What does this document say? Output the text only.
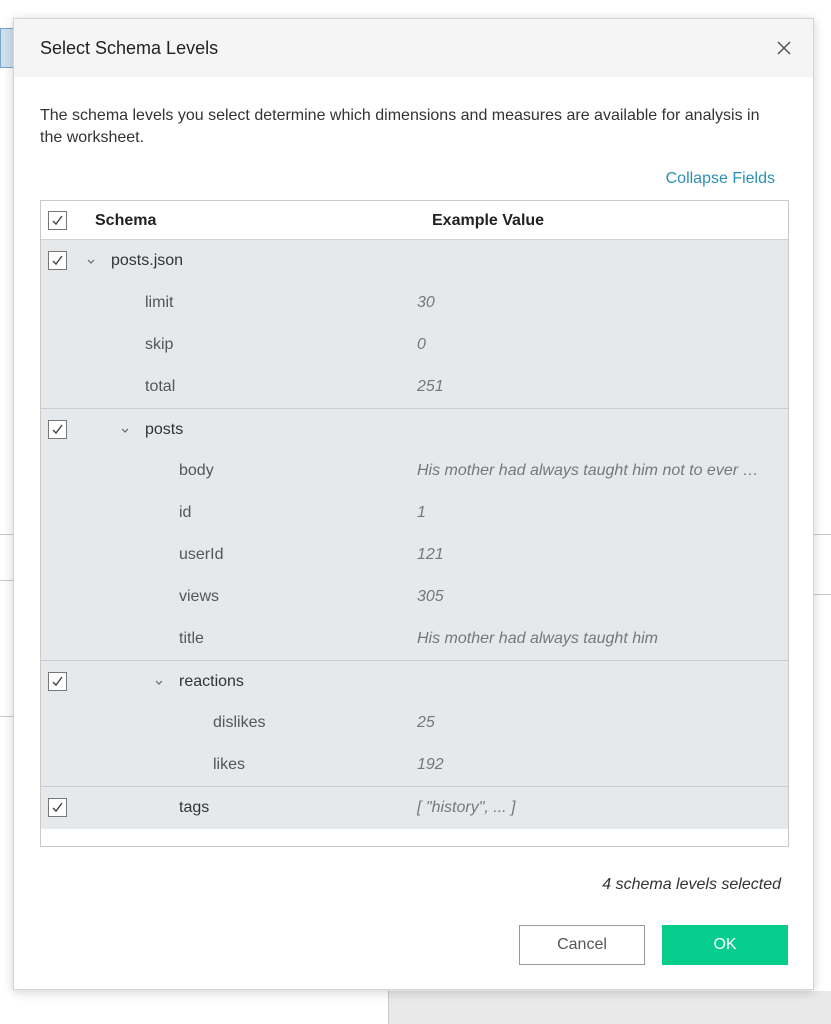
Select Schema Levels
The schema levels you select determine which dimensions and measures are available for analysis in the worksheet.
Collapse Fields
Schema	Example Value
posts.json
limit	30
skip	0
total	251
posts
body	His mother had always taught him not to ever …
id	1
userId	121
views	305
title	His mother had always taught him
reactions
dislikes	25
likes	192
tags	[ "history", ... ]
4 schema levels selected
Cancel	OK
